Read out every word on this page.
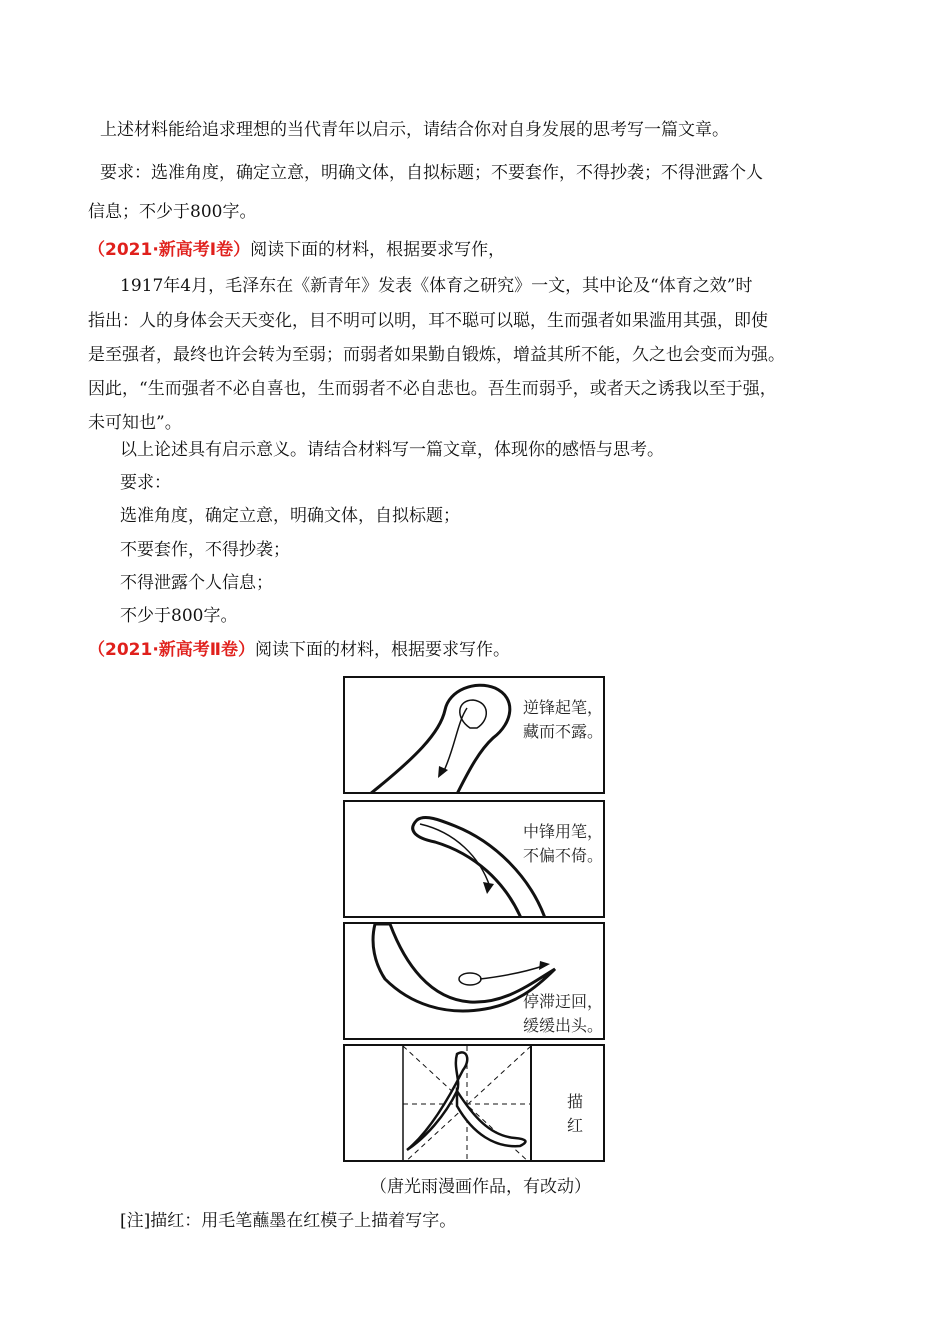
上述材料能给追求理想的当代青年以启示，请结合你对自身发展的思考写一篇文章。
要求：选准角度，确定立意，明确文体，自拟标题；不要套作，不得抄袭；不得泄露个人
信息；不少于800字。
（2021·新高考Ⅰ卷）阅读下面的材料，根据要求写作，
1917年4月，毛泽东在《新青年》发表《体育之研究》一文，其中论及“体育之效”时
指出：人的身体会天天变化，目不明可以明，耳不聪可以聪，生而强者如果滥用其强，即使
是至强者，最终也许会转为至弱；而弱者如果勤自锻炼，增益其所不能，久之也会变而为强。
因此，“生而强者不必自喜也，生而弱者不必自悲也。吾生而弱乎，或者天之诱我以至于强，
未可知也”。
以上论述具有启示意义。请结合材料写一篇文章，体现你的感悟与思考。
要求：
选准角度，确定立意，明确文体，自拟标题；
不要套作，不得抄袭；
不得泄露个人信息；
不少于800字。
（2021·新高考Ⅱ卷）阅读下面的材料，根据要求写作。
逆锋起笔，
藏而不露。
中锋用笔，
不偏不倚。
停滞迂回，
缓缓出头。
描
红
（唐光雨漫画作品，有改动）
[注]描红：用毛笔蘸墨在红模子上描着写字。
